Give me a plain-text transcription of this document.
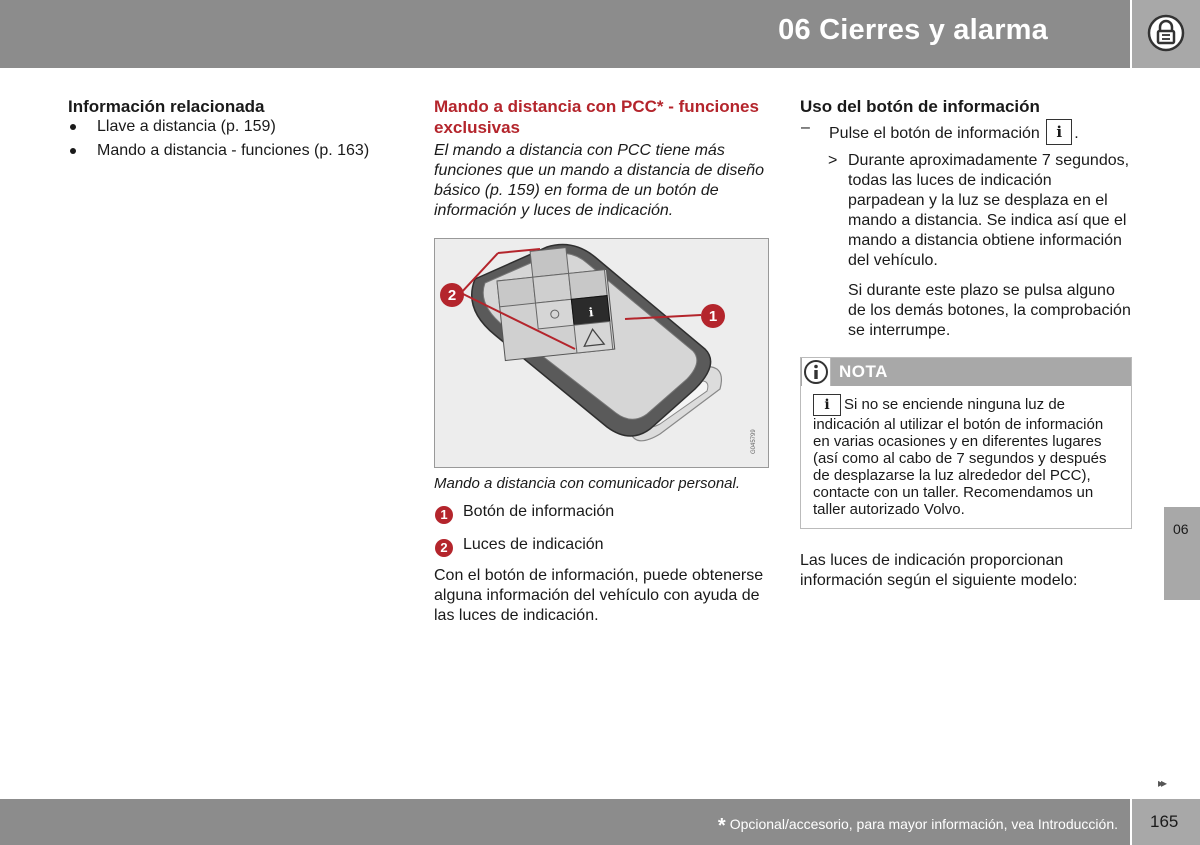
06 Cierres y alarma
Información relacionada
Llave a distancia (p. 159)
Mando a distancia - funciones (p. 163)
Mando a distancia con PCC* - funciones exclusivas

El mando a distancia con PCC tiene más funciones que un mando a distancia de diseño básico (p. 159) en forma de un botón de información y luces de indicación.

i
2
1
G045799

Mando a distancia con comunicador personal.

1 Botón de información
2 Luces de indicación

Con el botón de información, puede obtenerse alguna información del vehículo con ayuda de las luces de indicación.

Uso del botón de información
– Pulse el botón de información i .
> Durante aproximadamente 7 segundos, todas las luces de indicación parpadean y la luz se desplaza en el mando a distancia. Se indica así que el mando a distancia obtiene información del vehículo.

Si durante este plazo se pulsa alguno de los demás botones, la comprobación se interrumpe.

NOTA
i Si no se enciende ninguna luz de indicación al utilizar el botón de información en varias ocasiones y en diferentes lugares (así como al cabo de 7 segundos y después de desplazarse la luz alrededor del PCC), contacte con un taller. Recomendamos un taller autorizado Volvo.

Las luces de indicación proporcionan información según el siguiente modelo:

06
▸▸
* Opcional/accesorio, para mayor información, vea Introducción. 165
